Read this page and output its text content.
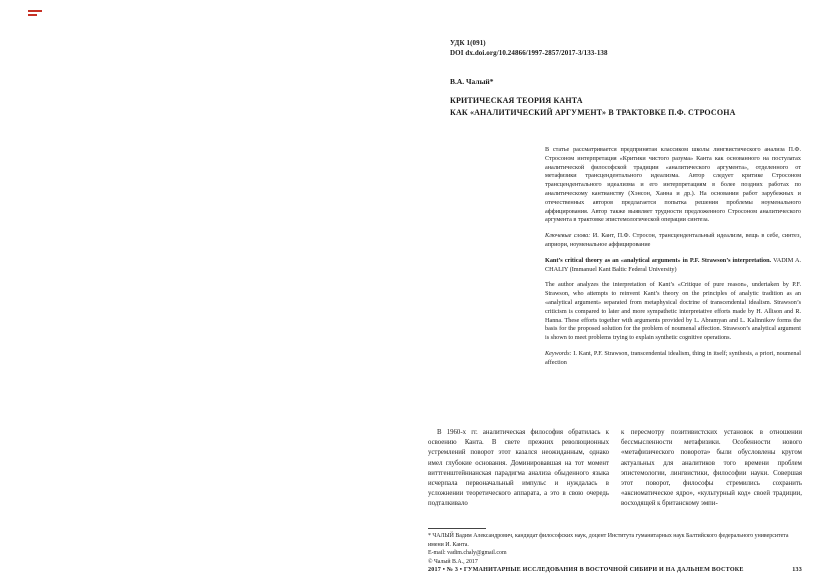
УДК 1(091)
DOI dx.doi.org/10.24866/1997-2857/2017-3/133-138
В.А. Чалый*
КРИТИЧЕСКАЯ ТЕОРИЯ КАНТА
КАК «АНАЛИТИЧЕСКИЙ АРГУМЕНТ» В ТРАКТОВКЕ П.Ф. СТРОСОНА

В статье рассматривается предпринятая классиком школы лингвистического анализа П.Ф. Стросоном интерпретация «Критики чистого разума» Канта как основанного на постулатах аналитической философской традиции «аналитического аргумента», отделенного от метафизики трансцендентального идеализма. Автор следует критике Стросоном трансцендентального идеализма и его интерпретациям в более поздних работах по аналитическому кантианству (Хэнсон, Ханна и др.). На основании работ зарубежных и отечественных авторов предлагается попытка решения проблемы ноуменального аффицирования. Автор также выявляет трудности предложенного Стросоном аналитического аргумента в трактовке эпистемологической операции синтеза.

Ключевые слова: И. Кант, П.Ф. Стросон, трансцендентальный идеализм, вещь в себе, синтез, априори, ноуменальное аффицирование

Kant’s critical theory as an «analytical argument» in P.F. Strawson’s interpretation. VADIM A. CHALIY (Immanuel Kant Baltic Federal University)

The author analyzes the interpretation of Kant’s «Critique of pure reason», undertaken by P.F. Strawson, who attempts to reinvent Kant’s theory on the principles of analytic tradition as an «analytical argument» separated from metaphysical doctrine of transcendental idealism. Strawson’s criticism is compared to later and more sympathetic interpretative efforts made by H. Allison and R. Hanna. These efforts together with arguments provided by L. Abramyan and L. Kalinnikov forms the basis for the proposed solution for the problem of noumenal affection. Strawson’s analytical argument is shown to meet problems trying to explain synthetic cognitive operations.

Keywords: I. Kant, P.F. Strawson, transcendental idealism, thing in itself; synthesis, a priori, noumenal affection

В 1960-х гг. аналитическая философия обратилась к освоению Канта. В свете прежних революционных устремлений поворот этот казался неожиданным, однако имел глубокие основания. Доминировавшая на тот момент виттгенштейнианская парадигма анализа обыденного языка исчерпала первоначальный импульс и нуждалась в усложнении теоретического аппарата, а это в свою очередь подталкивало
к пересмотру позитивистских установок в отношении бессмысленности метафизики. Особенности нового «метафизического поворота» были обусловлены кругом актуальных для аналитиков того времени проблем эпистемологии, лингвистики, философии науки. Совершая этот поворот, философы стремились сохранить «аксиоматическое ядро», «культурный код» своей традиции, восходящей к британскому эмпи-
* ЧАЛЫЙ Вадим Александрович, кандидат философских наук, доцент Института гуманитарных наук Балтийского федерального университета имени И. Канта.
E-mail: vadim.chaly@gmail.com
© Чалый В.А., 2017
2017 • № 3 • ГУМАНИТАРНЫЕ ИССЛЕДОВАНИЯ В ВОСТОЧНОЙ СИБИРИ И НА ДАЛЬНЕМ ВОСТОКЕ	133
